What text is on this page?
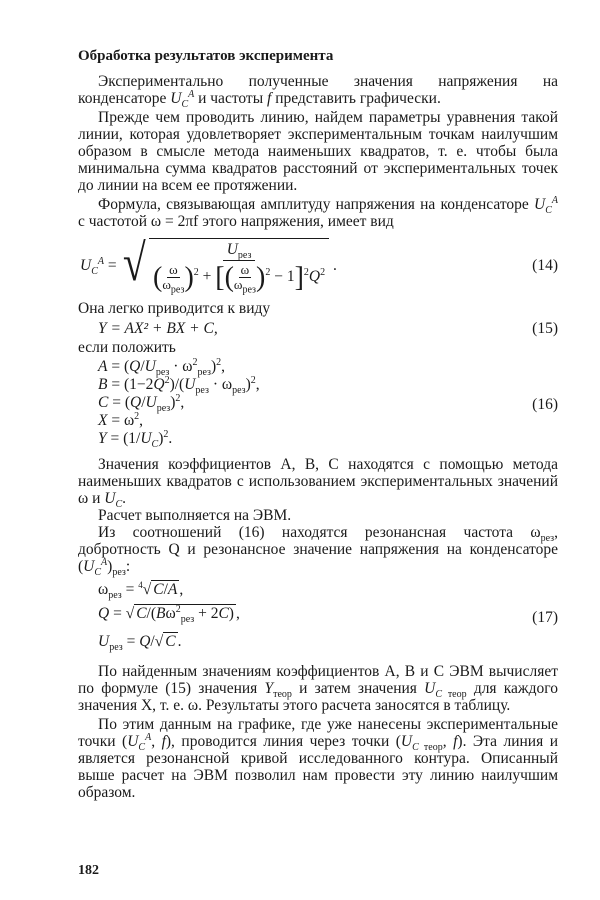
Обработка результатов эксперимента

Экспериментально полученные значения напряжения на конденсаторе $U_C^A$ и частоты f представить графически.

Прежде чем проводить линию, найдем параметры уравнения такой линии, которая удовлетворяет экспериментальным точкам наилучшим образом в смысле метода наименьших квадратов, т. е. чтобы была минимальна сумма квадратов расстояний от экспериментальных точек до линии на всем ее протяжении.

Формула, связывающая амплитуду напряжения на конденсаторе $U_C^A$ с частотой ω = 2πf этого напряжения, имеет вид

$U_C^A$ = √ $U_{рез}$
( ω
$\omega_{рез}$ )$^2$ + [( ω
$\omega_{рез}$ )$^2 - 1]^2Q^2$ .	(14)

Она легко приводится к виду

Y = AX² + BX + C,	(15)

если положить

$A = (Q/U_{рез} \cdot \omega^2_{рез})^2$,
$B = (1-2Q^2)/(U_{рез} \cdot \omega_{рез})^2$,
$C = (Q/U_{рез})^2$,
$X = \omega^2$,
$Y = (1/U_C)^2$.
(16)

Значения коэффициентов A, B, C находятся с помощью метода наименьших квадратов с использованием экспериментальных значений ω и $U_C$.

Расчет выполняется на ЭВМ.

Из соотношений (16) находятся резонансная частота $\omega_{рез}$, добротность Q и резонансное значение напряжения на конденсаторе $(U_C^A)_{рез}$:

$\omega_{рез} = ^4√$ C/A ,
Q = √ $C/(B\omega^2_{рез} + 2C)$ ,
$U_{рез} = Q/√$ C .
(17)

По найденным значениям коэффициентов A, B и C ЭВМ вычисляет по формуле (15) значения $Y_{теор}$ и затем значения $U_C$ $_{теор}$ для каждого значения X, т. е. ω. Результаты этого расчета заносятся в таблицу.

По этим данным на графике, где уже нанесены экспериментальные точки ($U_C^A$, f), проводится линия через точки ($U_C$ $_{теор}$, f). Эта линия и является резонансной кривой исследованного контура. Описанный выше расчет на ЭВМ позволил нам провести эту линию наилучшим образом.

182
